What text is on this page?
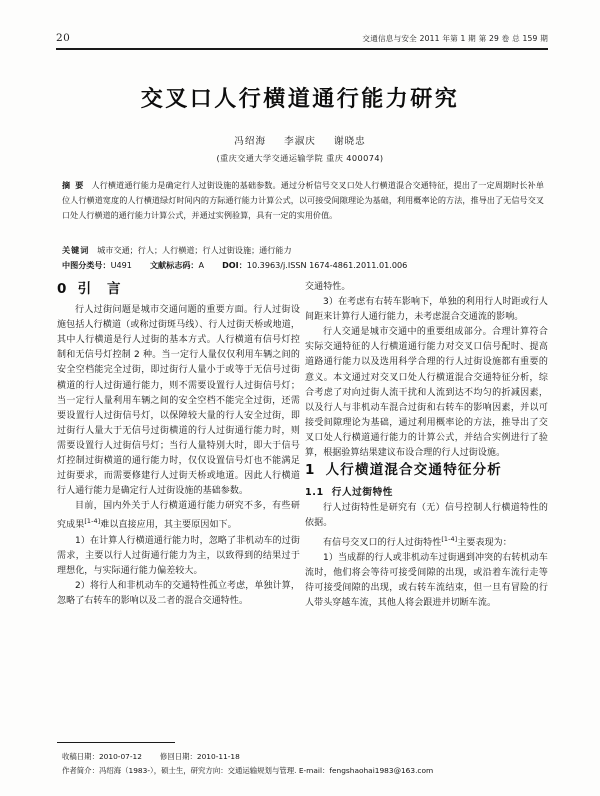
20	交通信息与安全 2011 年第 1 期 第 29 卷 总 159 期
交叉口人行横道通行能力研究
冯绍海 李淑庆 谢晓忠
(重庆交通大学交通运输学院 重庆 400074)

摘要 人行横道通行能力是确定行人过街设施的基础参数。通过分析信号交叉口处人行横道混合交通特征，提出了一定周期时长补单位人行横道宽度的人行横道绿灯时间内的方际通行能力计算公式，以可接受间隙理论为基础，利用概率论的方法，推导出了无信号交叉口处人行横道的通行能力计算公式，并通过实例验算，具有一定的实用价值。

关键词 城市交通；行人；人行横道；行人过街设施；通行能力
中图分类号：U491 文献标志码：A DOI：10.3963/j.ISSN 1674-4861.2011.01.006
0 引　言

行人过街问题是城市交通问题的重要方面。行人过街设施包括人行横道（或称过街斑马线）、行人过街天桥或地道，其中人行横道是行人过街的基本方式。人行横道有信号灯控制和无信号灯控制 2 种。当一定行人量仅仅利用车辆之间的安全空档能完全过街，即过街行人量小于或等于无信号过街横道的行人过街通行能力，则不需要设置行人过街信号灯；当一定行人量利用车辆之间的安全空档不能完全过街，还需要设置行人过街信号灯，以保障较大量的行人安全过街，即过街行人量大于无信号过街横道的行人过街通行能力时，则需要设置行人过街信号灯；当行人量特别大时，即大于信号灯控制过街横道的通行能力时，仅仅设置信号灯也不能满足过街要求，而需要修建行人过街天桥或地道。因此人行横道行人通行能力是确定行人过街设施的基础参数。

目前，国内外关于人行横道通行能力研究不多，有些研究成果[1-4]难以直接应用，其主要原因如下。

1）在计算人行横道通行能力时，忽略了非机动车的过街需求，主要以行人过街通行能力为主，以致得到的结果过于理想化，与实际通行能力偏差较大。

2）将行人和非机动车的交通特性孤立考虑，单独计算，忽略了右转车的影响以及二者的混合交通特性。

交通特性。

3）在考虑有右转车影响下，单独的利用行人时距或行人间距来计算行人通行能力，未考虑混合交通流的影响。

行人交通是城市交通中的重要组成部分。合理计算符合实际交通特征的人行横道通行能力对交叉口信号配时、提高道路通行能力以及选用科学合理的行人过街设施都有重要的意义。本文通过对交叉口处人行横道混合交通特征分析，综合考虑了对向过街人流干扰和人流到达不均匀的折减因素，以及行人与非机动车混合过街和右转车的影响因素，并以可接受间隙理论为基础，通过利用概率论的方法，推导出了交叉口处人行横道通行能力的计算公式，并结合实例进行了验算，根据验算结果建议布设合理的行人过街设施。

1 人行横道混合交通特征分析
1.1 行人过街特性

行人过街特性是研究有（无）信号控制人行横道特性的依据。

有信号交叉口的行人过街特性[1-4]主要表现为：

1）当成群的行人或非机动车过街遇到冲突的右转机动车流时，他们将会等待可接受间隙的出现，或沿着车流行走等待可接受间隙的出现，或右转车流结束，但一旦有冒险的行人带头穿越车流，其他人将会跟进并切断车流。

收稿日期：2010-07-12 修回日期：2010-11-18
作者简介：冯绍海（1983-），硕士生，研究方向：交通运输规划与管理. E-mail：fengshaohai1983@163.com
